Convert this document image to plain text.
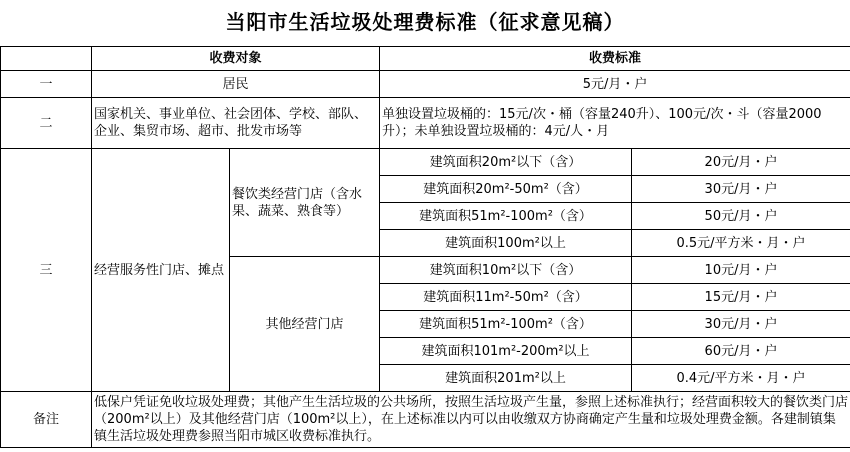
当阳市生活垃圾处理费标准（征求意见稿）
	收费对象		收费标准	
一	居民		5元/月・户	
二	国家机关、事业单位、社会团体、学校、部队、企业、集贸市场、超市、批发市场等		单独设置垃圾桶的：15元/次・桶（容量240升）、100元/次・斗（容量2000升）；未单独设置垃圾桶的：4元/人・月	
三	经营服务性门店、摊点	餐饮类经营门店（含水果、蔬菜、熟食等）	建筑面积20m²以下（含）	20元/月・户
			建筑面积20m²-50m²（含）	30元/月・户
			建筑面积51m²-100m²（含）	50元/月・户
			建筑面积100m²以上	0.5元/平方米・月・户
		其他经营门店	建筑面积10m²以下（含）	10元/月・户
			建筑面积11m²-50m²（含）	15元/月・户
			建筑面积51m²-100m²（含）	30元/月・户
			建筑面积101m²-200m²以上	60元/月・户
			建筑面积201m²以上	0.4元/平方米・月・户
备注	低保户凭证免收垃圾处理费；其他产生生活垃圾的公共场所，按照生活垃圾产生量，参照上述标准执行；经营面积较大的餐饮类门店（200m²以上）及其他经营门店（100m²以上），在上述标准以内可以由收缴双方协商确定产生量和垃圾处理费金额。各建制镇集镇生活垃圾处理费参照当阳市城区收费标准执行。			
